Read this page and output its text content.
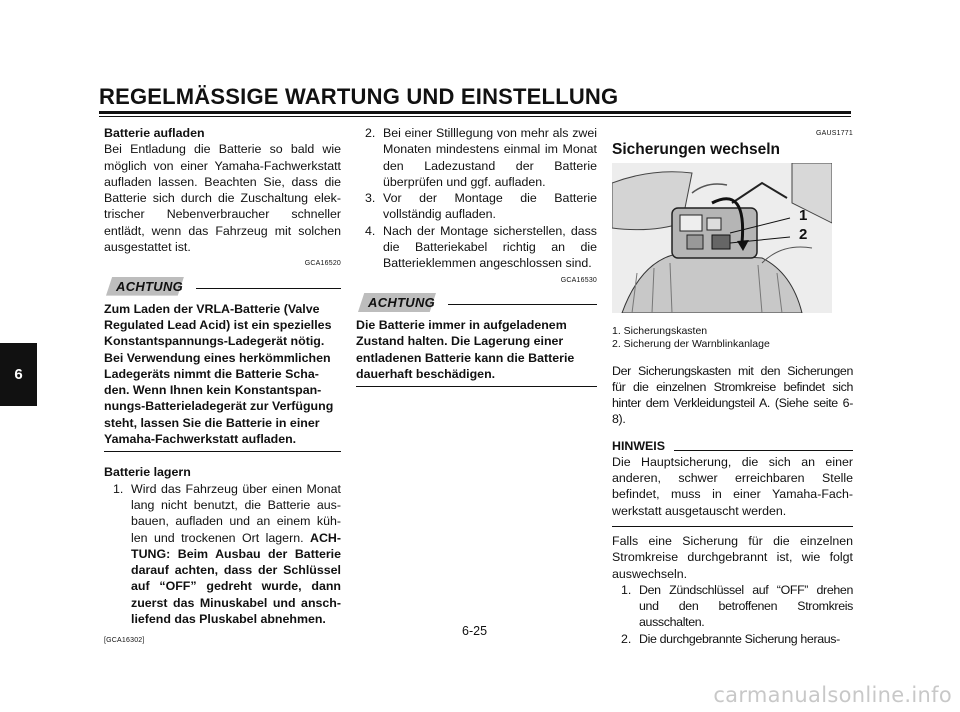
REGELMÄSSIGE WARTUNG UND EINSTELLUNG
6
Batterie aufladen

Bei Entladung die Batterie so bald wie möglich von einer Yamaha-Fachwerkstatt aufladen lassen. Beachten Sie, dass die Batterie sich durch die Zuschaltung elek-trischer Nebenverbraucher schneller entlädt, wenn das Fahrzeug mit solchen ausgestattet ist.

GCA16520
ACHTUNG

Zum Laden der VRLA-Batterie (Valve Regulated Lead Acid) ist ein spezielles Konstantspannungs-Ladegerät nötig. Bei Verwendung eines herkömmlichen Ladegeräts nimmt die Batterie Scha-den. Wenn Ihnen kein Konstantspan-nungs-Batterieladegerät zur Verfügung steht, lassen Sie die Batterie in einer Yamaha-Fachwerkstatt aufladen.

Batterie lagern
1. Wird das Fahrzeug über einen Monat lang nicht benutzt, die Batterie aus-bauen, aufladen und an einem küh-len und trockenen Ort lagern. ACH-TUNG: Beim Ausbau der Batterie darauf achten, dass der Schlüssel auf “OFF” gedreht wurde, dann zuerst das Minuskabel und ansch-liefend das Pluskabel abnehmen.
[GCA16302]
2. Bei einer Stilllegung von mehr als zwei Monaten mindestens einmal im Monat den Ladezustand der Batterie überprüfen und ggf. aufladen.
3. Vor der Montage die Batterie vollständig aufladen.
4. Nach der Montage sicherstellen, dass die Batteriekabel richtig an die Batterieklemmen angeschlossen sind.
GCA16530
ACHTUNG

Die Batterie immer in aufgeladenem Zustand halten. Die Lagerung einer entladenen Batterie kann die Batterie dauerhaft beschädigen.

GAUS1771
Sicherungen wechseln
1
2
1. Sicherungskasten
2. Sicherung der Warnblinkanlage

Der Sicherungskasten mit den Sicherungen für die einzelnen Stromkreise befindet sich hinter dem Verkleidungsteil A. (Siehe seite 6-8).

HINWEIS

Die Hauptsicherung, die sich an einer anderen, schwer erreichbaren Stelle befindet, muss in einer Yamaha-Fach-werkstatt ausgetauscht werden.

Falls eine Sicherung für die einzelnen Stromkreise durchgebrannt ist, wie folgt auswechseln.

1. Den Zündschlüssel auf “OFF” drehen und den betroffenen Stromkreis ausschalten.
2. Die durchgebrannte Sicherung heraus-
6-25
carmanualsonline.info
